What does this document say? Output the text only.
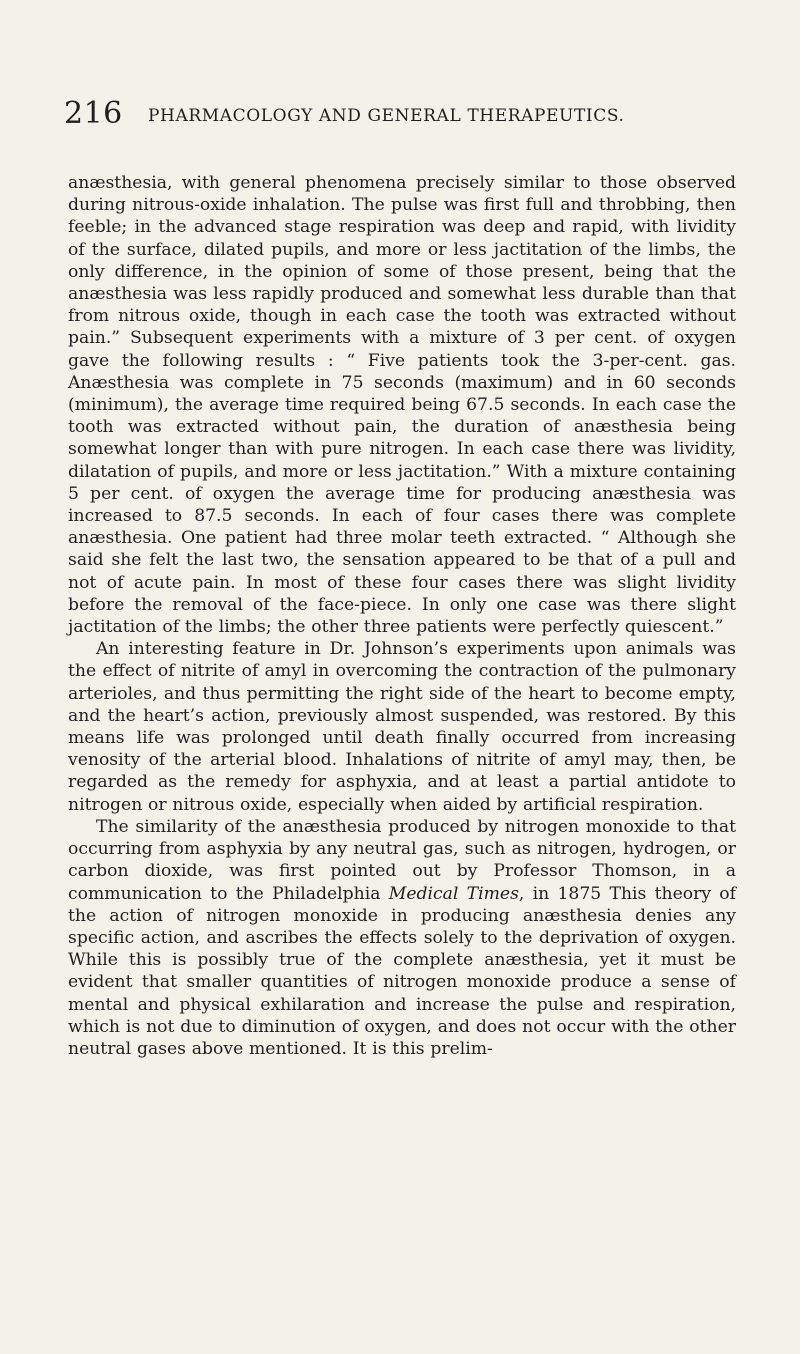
216 PHARMACOLOGY AND GENERAL THERAPEUTICS.

anæsthesia, with general phenomena precisely similar to those observed during nitrous-oxide inhalation. The pulse was first full and throbbing, then feeble; in the advanced stage respiration was deep and rapid, with lividity of the surface, dilated pupils, and more or less jactitation of the limbs, the only difference, in the opinion of some of those present, being that the anæsthesia was less rapidly produced and somewhat less durable than that from nitrous oxide, though in each case the tooth was extracted without pain.” Subsequent experiments with a mixture of 3 per cent. of oxygen gave the following results : “ Five patients took the 3-per-cent. gas. Anæsthesia was complete in 75 seconds (maximum) and in 60 seconds (minimum), the average time required being 67.5 seconds. In each case the tooth was extracted without pain, the duration of anæsthesia being somewhat longer than with pure nitrogen. In each case there was lividity, dilatation of pupils, and more or less jactitation.” With a mixture containing 5 per cent. of oxygen the average time for producing anæsthesia was increased to 87.5 seconds. In each of four cases there was complete anæsthesia. One patient had three molar teeth extracted. “ Although she said she felt the last two, the sensation appeared to be that of a pull and not of acute pain. In most of these four cases there was slight lividity before the removal of the face-piece. In only one case was there slight jactitation of the limbs; the other three patients were perfectly quiescent.”

An interesting feature in Dr. Johnson’s experiments upon animals was the effect of nitrite of amyl in overcoming the contraction of the pulmonary arterioles, and thus permitting the right side of the heart to become empty, and the heart’s action, previously almost suspended, was restored. By this means life was prolonged until death finally occurred from increasing venosity of the arterial blood. Inhalations of nitrite of amyl may, then, be regarded as the remedy for asphyxia, and at least a partial antidote to nitrogen or nitrous oxide, especially when aided by artificial respiration.

The similarity of the anæsthesia produced by nitrogen monoxide to that occurring from asphyxia by any neutral gas, such as nitrogen, hydrogen, or carbon dioxide, was first pointed out by Professor Thomson, in a communication to the Philadelphia Medical Times, in 1875 This theory of the action of nitrogen monoxide in producing anæsthesia denies any specific action, and ascribes the effects solely to the deprivation of oxygen. While this is possibly true of the complete anæsthesia, yet it must be evident that smaller quantities of nitrogen monoxide produce a sense of mental and physical exhilaration and increase the pulse and respiration, which is not due to diminution of oxygen, and does not occur with the other neutral gases above mentioned. It is this prelim-
